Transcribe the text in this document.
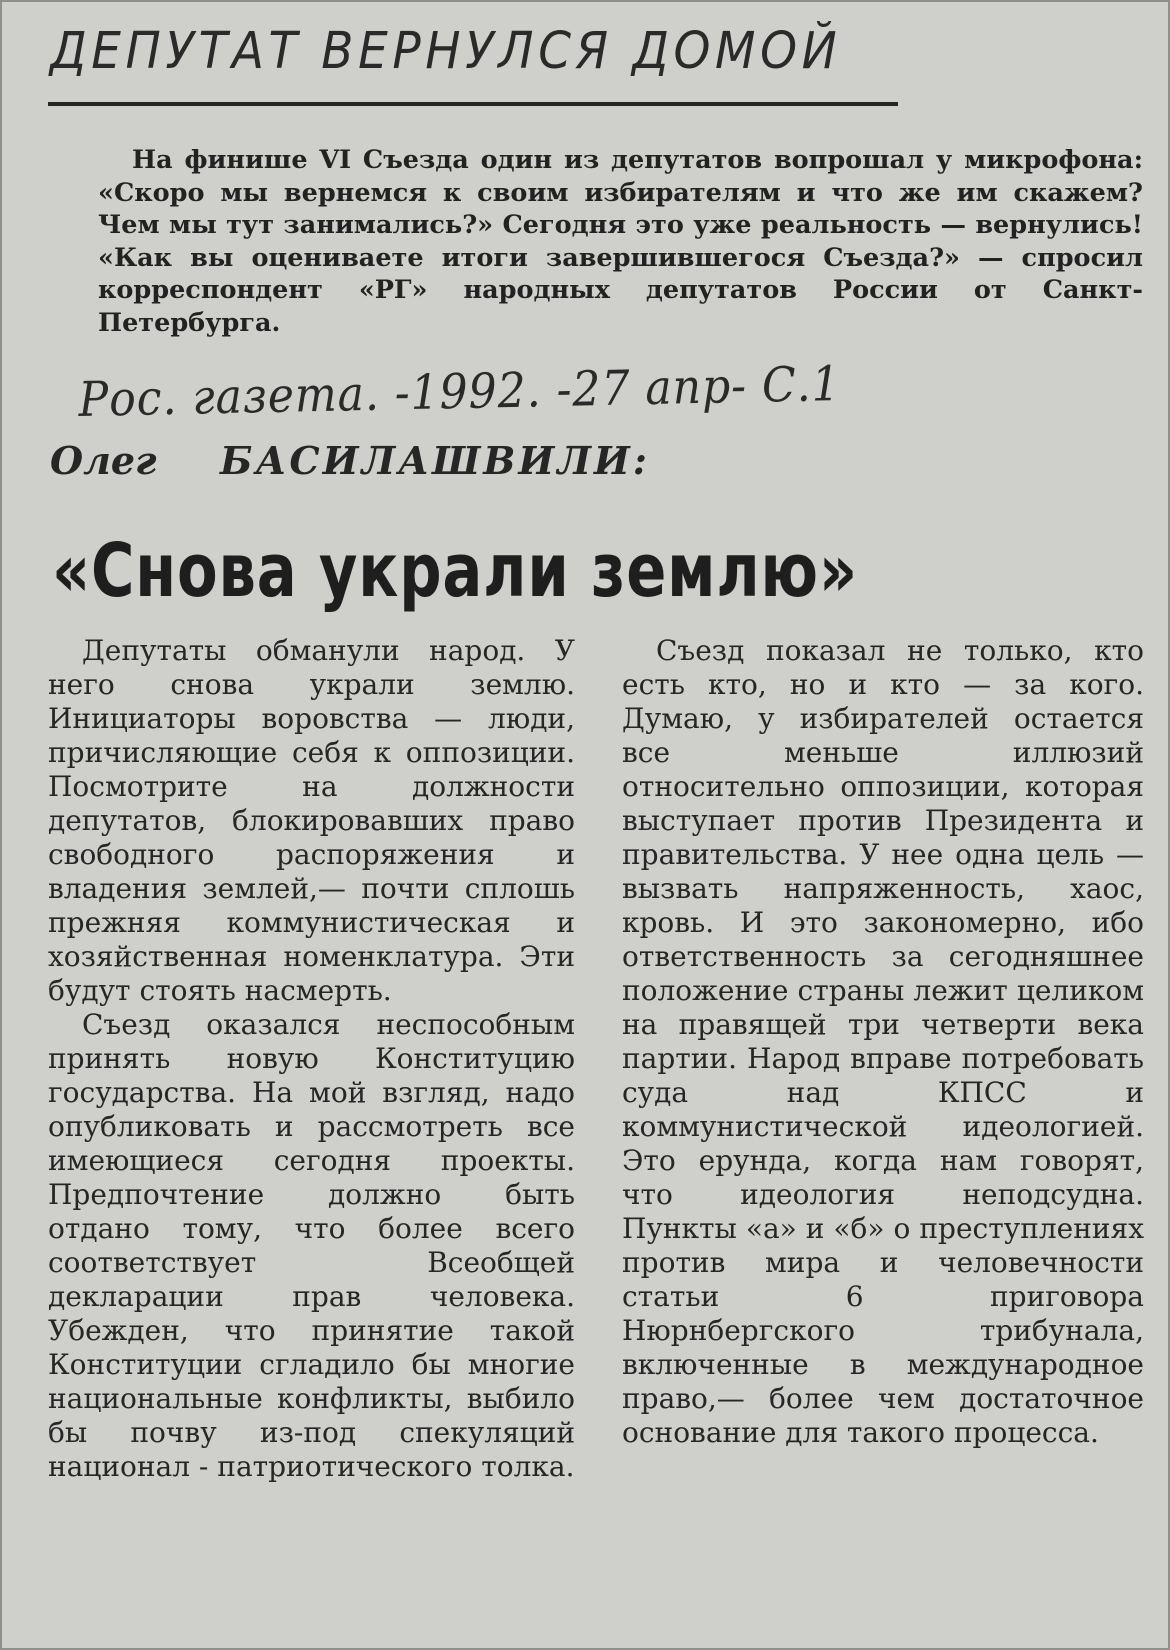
ДЕПУТАТ ВЕРНУЛСЯ ДОМОЙ

На финише VI Съезда один из депутатов вопрошал у микрофона: «Скоро мы вернемся к своим избирателям и что же им скажем? Чем мы тут занимались?» Сегодня это уже реальность — вернулись! «Как вы оцениваете итоги завершившегося Съезда?» — спросил корреспондент «РГ» народных депутатов России от Санкт-Петербурга.

Рос. газета. -1992. -27 апр- С.1
Олег БАСИЛАШВИЛИ:
«Снова украли землю»

Депутаты обманули народ. У него снова украли землю. Инициаторы воровства — люди, причисляющие себя к оппозиции. Посмотрите на должности депутатов, блокировавших право свободного распоряжения и владения землей,— почти сплошь прежняя коммунистическая и хозяйственная номенклатура. Эти будут стоять насмерть.

Съезд оказался неспособным принять новую Конституцию государства. На мой взгляд, надо опубликовать и рассмотреть все имеющиеся сегодня проекты. Предпочтение должно быть отдано тому, что более всего соответствует Всеобщей декларации прав человека. Убежден, что принятие такой Конституции сгладило бы многие национальные конфликты, выбило бы почву из-под спекуляций национал - патриотического толка.

Съезд показал не только, кто есть кто, но и кто — за кого. Думаю, у избирателей остается все меньше иллюзий относительно оппозиции, которая выступает против Президента и правительства. У нее одна цель — вызвать напряженность, хаос, кровь. И это закономерно, ибо ответственность за сегодняшнее положение страны лежит целиком на правящей три четверти века партии. Народ вправе потребовать суда над КПСС и коммунистической идеологией. Это ерунда, когда нам говорят, что идеология неподсудна. Пункты «а» и «б» о преступлениях против мира и человечности статьи 6 приговора Нюрнбергского трибунала, включенные в международное право,— более чем достаточное основание для такого процесса.
